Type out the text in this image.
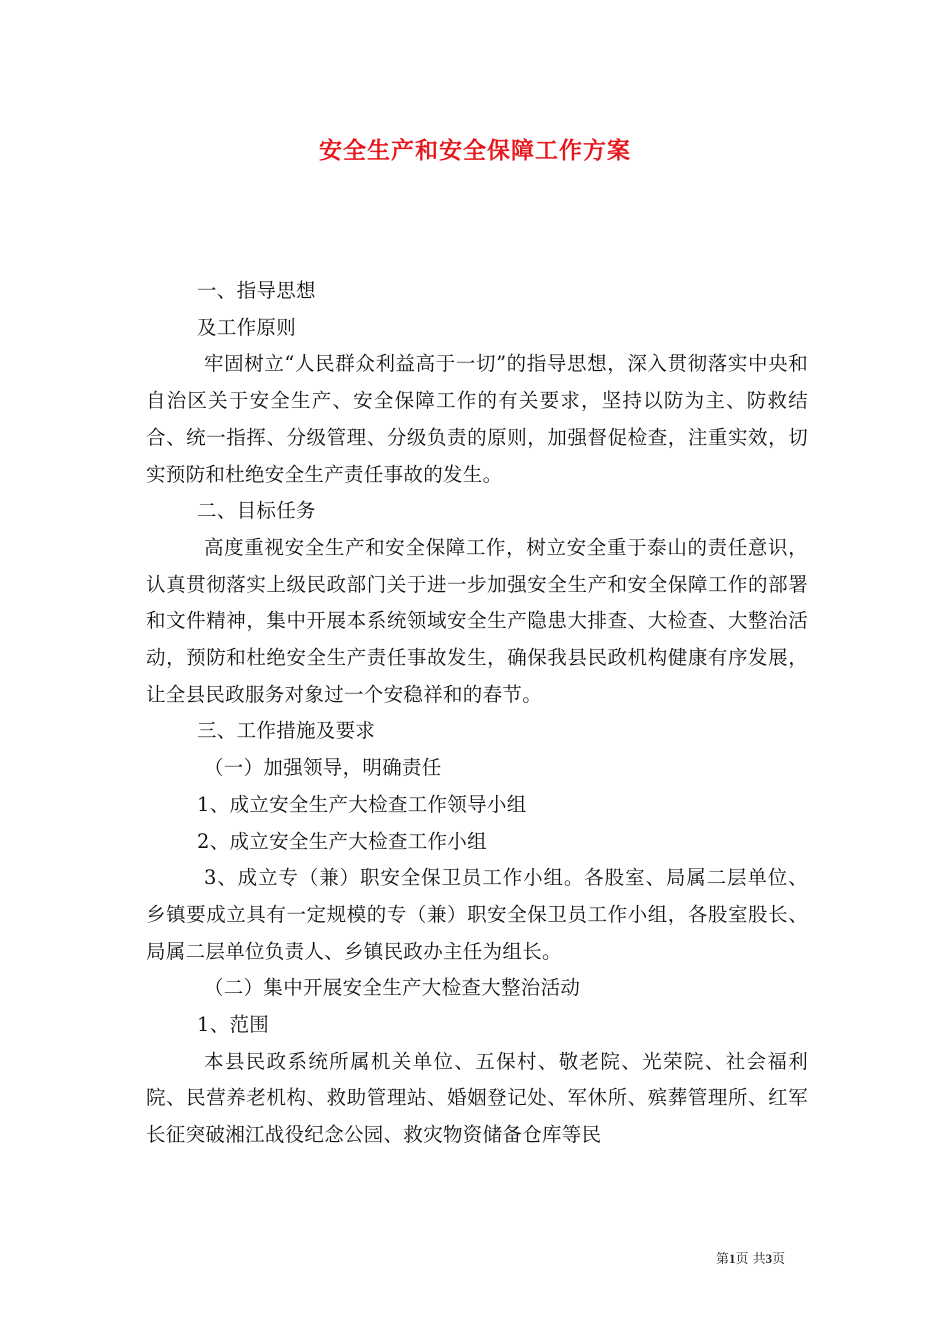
安全生产和安全保障工作方案

一、指导思想

及工作原则

牢固树立“人民群众利益高于一切”的指导思想，深入贯彻落实中央和自治区关于安全生产、安全保障工作的有关要求，坚持以防为主、防救结合、统一指挥、分级管理、分级负责的原则，加强督促检查，注重实效，切实预防和杜绝安全生产责任事故的发生。

二、目标任务

高度重视安全生产和安全保障工作，树立安全重于泰山的责任意识，认真贯彻落实上级民政部门关于进一步加强安全生产和安全保障工作的部署和文件精神，集中开展本系统领域安全生产隐患大排查、大检查、大整治活动，预防和杜绝安全生产责任事故发生，确保我县民政机构健康有序发展，让全县民政服务对象过一个安稳祥和的春节。

三、工作措施及要求

（一）加强领导，明确责任

1、成立安全生产大检查工作领导小组

2、成立安全生产大检查工作小组

3、成立专（兼）职安全保卫员工作小组。各股室、局属二层单位、乡镇要成立具有一定规模的专（兼）职安全保卫员工作小组，各股室股长、局属二层单位负责人、乡镇民政办主任为组长。

（二）集中开展安全生产大检查大整治活动

1、范围

本县民政系统所属机关单位、五保村、敬老院、光荣院、社会福利院、民营养老机构、救助管理站、婚姻登记处、军休所、殡葬管理所、红军长征突破湘江战役纪念公园、救灾物资储备仓库等民

第1页 共3页
